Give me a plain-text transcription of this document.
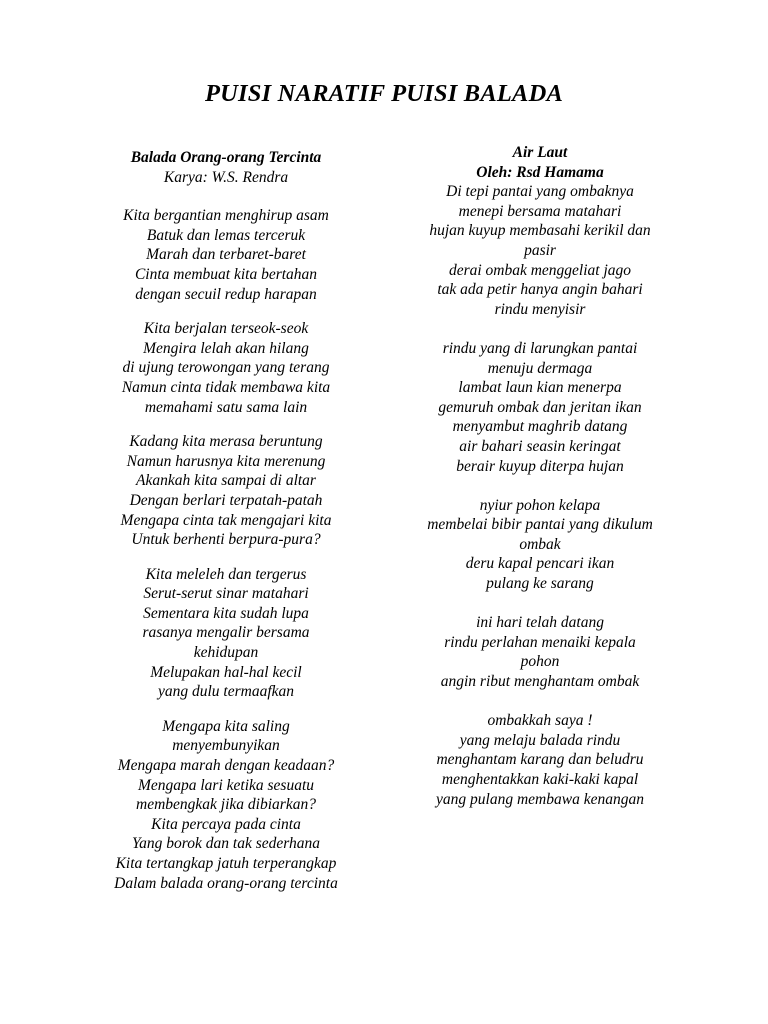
PUISI NARATIF PUISI BALADA
Balada Orang-orang Tercinta
Karya: W.S. Rendra
Kita bergantian menghirup asam
Batuk dan lemas terceruk
Marah dan terbaret-baret
Cinta membuat kita bertahan
dengan secuil redup harapan
Kita berjalan terseok-seok
Mengira lelah akan hilang
di ujung terowongan yang terang
Namun cinta tidak membawa kita
memahami satu sama lain
Kadang kita merasa beruntung
Namun harusnya kita merenung
Akankah kita sampai di altar
Dengan berlari terpatah-patah
Mengapa cinta tak mengajari kita
Untuk berhenti berpura-pura?
Kita meleleh dan tergerus
Serut-serut sinar matahari
Sementara kita sudah lupa
rasanya mengalir bersama
kehidupan
Melupakan hal-hal kecil
yang dulu termaafkan
Mengapa kita saling
menyembunyikan
Mengapa marah dengan keadaan?
Mengapa lari ketika sesuatu
membengkak jika dibiarkan?
Kita percaya pada cinta
Yang borok dan tak sederhana
Kita tertangkap jatuh terperangkap
Dalam balada orang-orang tercinta
Air Laut
Oleh: Rsd Hamama
Di tepi pantai yang ombaknya
menepi bersama matahari
hujan kuyup membasahi kerikil dan
pasir
derai ombak menggeliat jago
tak ada petir hanya angin bahari
rindu menyisir
rindu yang di larungkan pantai
menuju dermaga
lambat laun kian menerpa
gemuruh ombak dan jeritan ikan
menyambut maghrib datang
air bahari seasin keringat
berair kuyup diterpa hujan
nyiur pohon kelapa
membelai bibir pantai yang dikulum
ombak
deru kapal pencari ikan
pulang ke sarang
ini hari telah datang
rindu perlahan menaiki kepala
pohon
angin ribut menghantam ombak
ombakkah saya !
yang melaju balada rindu
menghantam karang dan beludru
menghentakkan kaki-kaki kapal
yang pulang membawa kenangan
